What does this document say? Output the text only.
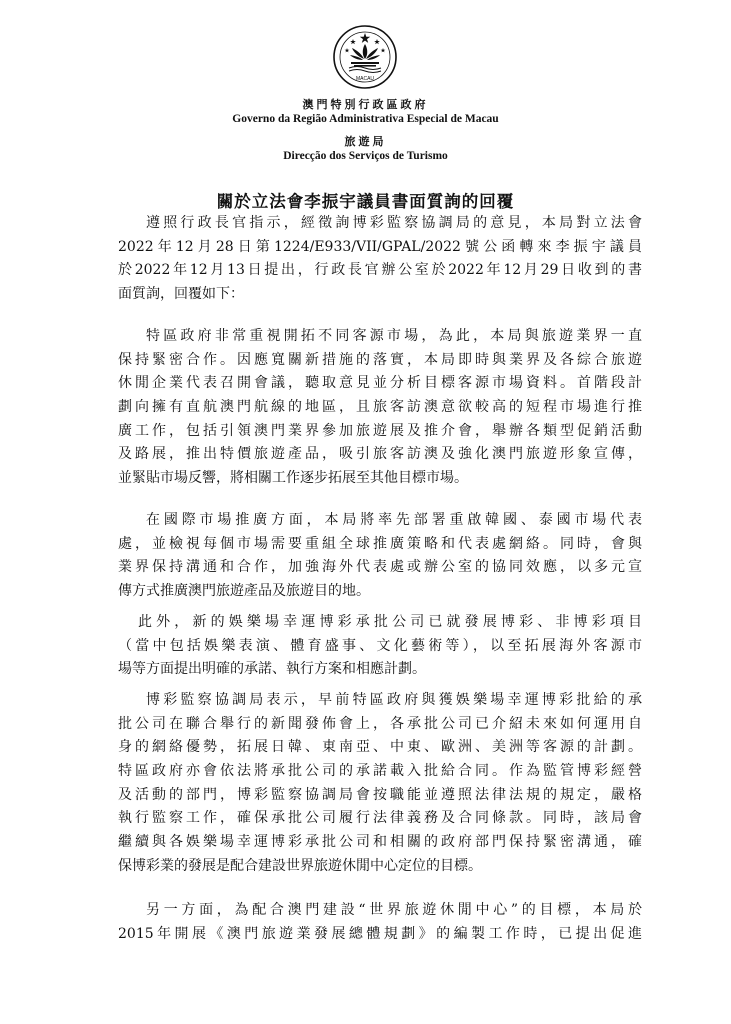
MACAU
澳門特別行政區政府
Governo da Região Administrativa Especial de Macau
旅遊局
Direcção dos Serviços de Turismo
關於立法會李振宇議員書面質詢的回覆
遵照行政長官指示，經徵詢博彩監察協調局的意見，本局對立法會
2022年12月28日第1224/E933/VII/GPAL/2022號公函轉來李振宇議員
於2022年12月13日提出，行政長官辦公室於2022年12月29日收到的書
面質詢，回覆如下：
特區政府非常重視開拓不同客源市場，為此，本局與旅遊業界一直
保持緊密合作。因應寬關新措施的落實，本局即時與業界及各綜合旅遊
休閒企業代表召開會議，聽取意見並分析目標客源市場資料。首階段計
劃向擁有直航澳門航線的地區，且旅客訪澳意欲較高的短程市場進行推
廣工作，包括引領澳門業界參加旅遊展及推介會，舉辦各類型促銷活動
及路展，推出特價旅遊產品，吸引旅客訪澳及強化澳門旅遊形象宣傳，
並緊貼市場反響，將相關工作逐步拓展至其他目標市場。
在國際市場推廣方面，本局將率先部署重啟韓國、泰國市場代表
處，並檢視每個市場需要重組全球推廣策略和代表處網絡。同時，會與
業界保持溝通和合作，加強海外代表處或辦公室的協同效應，以多元宣
傳方式推廣澳門旅遊產品及旅遊目的地。
此外，新的娛樂場幸運博彩承批公司已就發展博彩、非博彩項目
（當中包括娛樂表演、體育盛事、文化藝術等），以至拓展海外客源市
場等方面提出明確的承諾、執行方案和相應計劃。
博彩監察協調局表示，早前特區政府與獲娛樂場幸運博彩批給的承
批公司在聯合舉行的新聞發佈會上，各承批公司已介紹未來如何運用自
身的網絡優勢，拓展日韓、東南亞、中東、歐洲、美洲等客源的計劃。
特區政府亦會依法將承批公司的承諾載入批給合同。作為監管博彩經營
及活動的部門，博彩監察協調局會按職能並遵照法律法規的規定，嚴格
執行監察工作，確保承批公司履行法律義務及合同條款。同時，該局會
繼續與各娛樂場幸運博彩承批公司和相關的政府部門保持緊密溝通，確
保博彩業的發展是配合建設世界旅遊休閒中心定位的目標。
另一方面，為配合澳門建設“世界旅遊休閒中心”的目標，本局於
2015年開展《澳門旅遊業發展總體規劃》的編製工作時，已提出促進
